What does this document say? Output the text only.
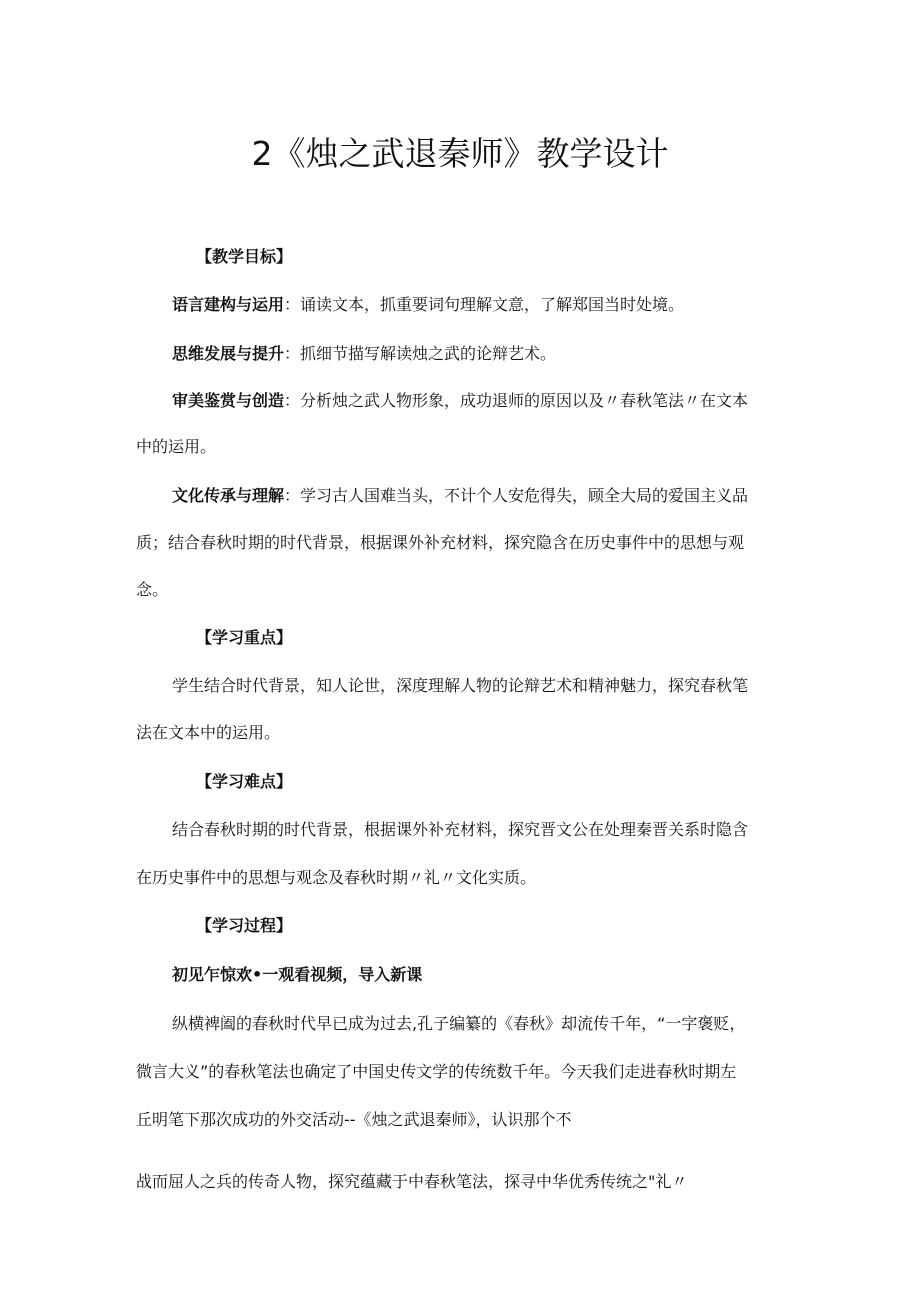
2《烛之武退秦师》教学设计

【教学目标】

语言建构与运用：诵读文本，抓重要词句理解文意，了解郑国当时处境。

思维发展与提升：抓细节描写解读烛之武的论辩艺术。

审美鉴赏与创造：分析烛之武人物形象，成功退师的原因以及〃春秋笔法〃在文本

中的运用。

文化传承与理解：学习古人国难当头，不计个人安危得失，顾全大局的爱国主义品

质；结合春秋时期的时代背景，根据课外补充材料，探究隐含在历史事件中的思想与观

念。

【学习重点】

学生结合时代背景，知人论世，深度理解人物的论辩艺术和精神魅力，探究春秋笔

法在文本中的运用。

【学习难点】

结合春秋时期的时代背景，根据课外补充材料，探究晋文公在处理秦晋关系时隐含

在历史事件中的思想与观念及春秋时期〃礼〃文化实质。

【学习过程】

初见乍惊欢•一观看视频，导入新课

纵横裨阖的春秋时代早已成为过去,孔子编纂的《春秋》却流传千年，“一字褒贬，

微言大义”的春秋笔法也确定了中国史传文学的传统数千年。今天我们走进春秋时期左

丘明笔下那次成功的外交活动--《烛之武退秦师》，认识那个不

战而屈人之兵的传奇人物，探究蕴藏于中春秋笔法，探寻中华优秀传统之"礼〃
